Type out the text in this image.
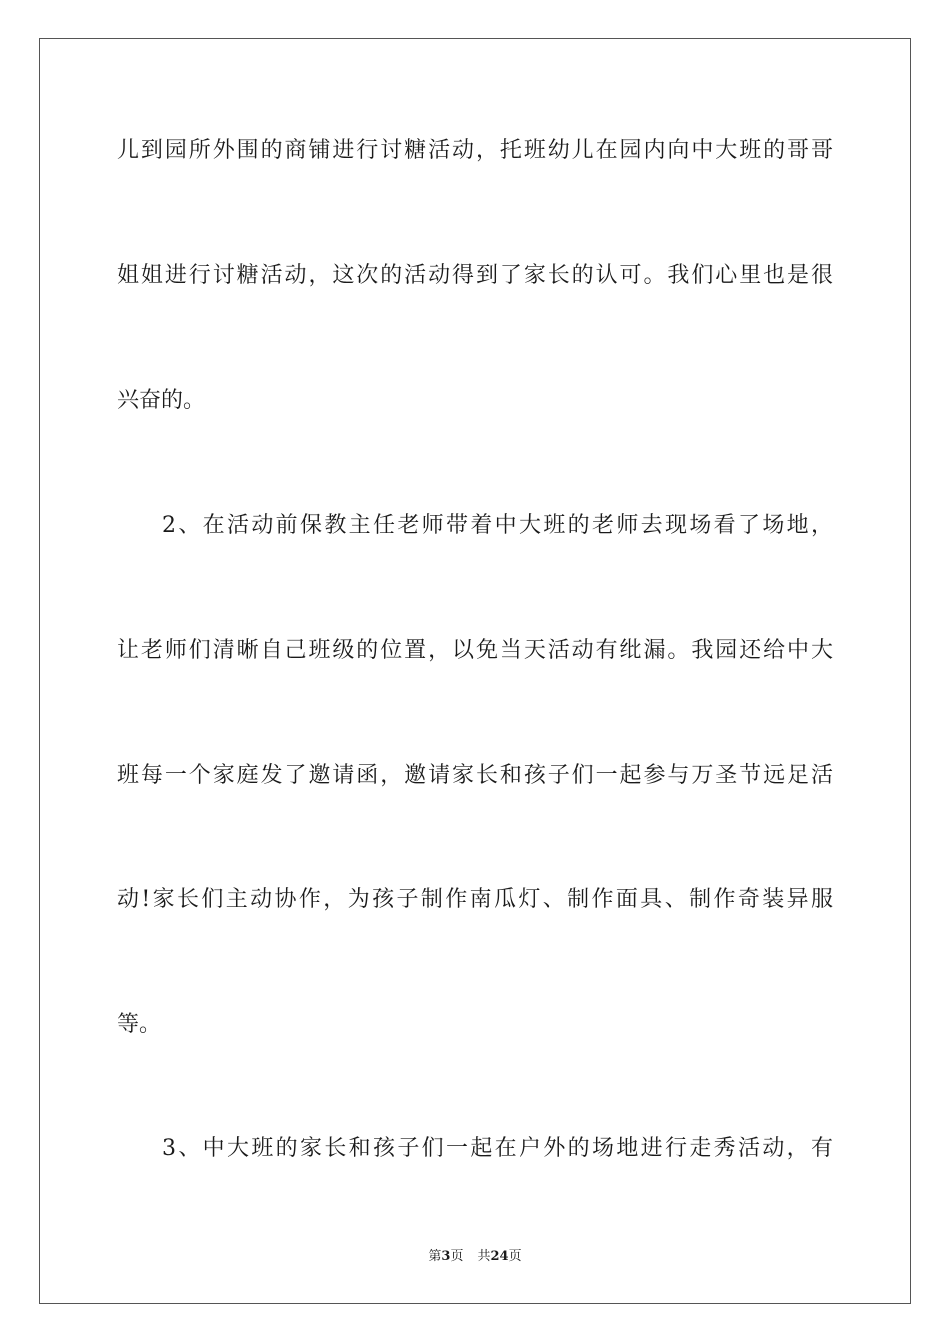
儿到园所外围的商铺进行讨糖活动，托班幼儿在园内向中大班的哥哥
姐姐进行讨糖活动，这次的活动得到了家长的认可。我们心里也是很
兴奋的。
2、在活动前保教主任老师带着中大班的老师去现场看了场地，
让老师们清晰自己班级的位置，以免当天活动有纰漏。我园还给中大
班每一个家庭发了邀请函，邀请家长和孩子们一起参与万圣节远足活
动!家长们主动协作，为孩子制作南瓜灯、制作面具、制作奇装异服
等。
3、中大班的家长和孩子们一起在户外的场地进行走秀活动，有
第3页 共24页
